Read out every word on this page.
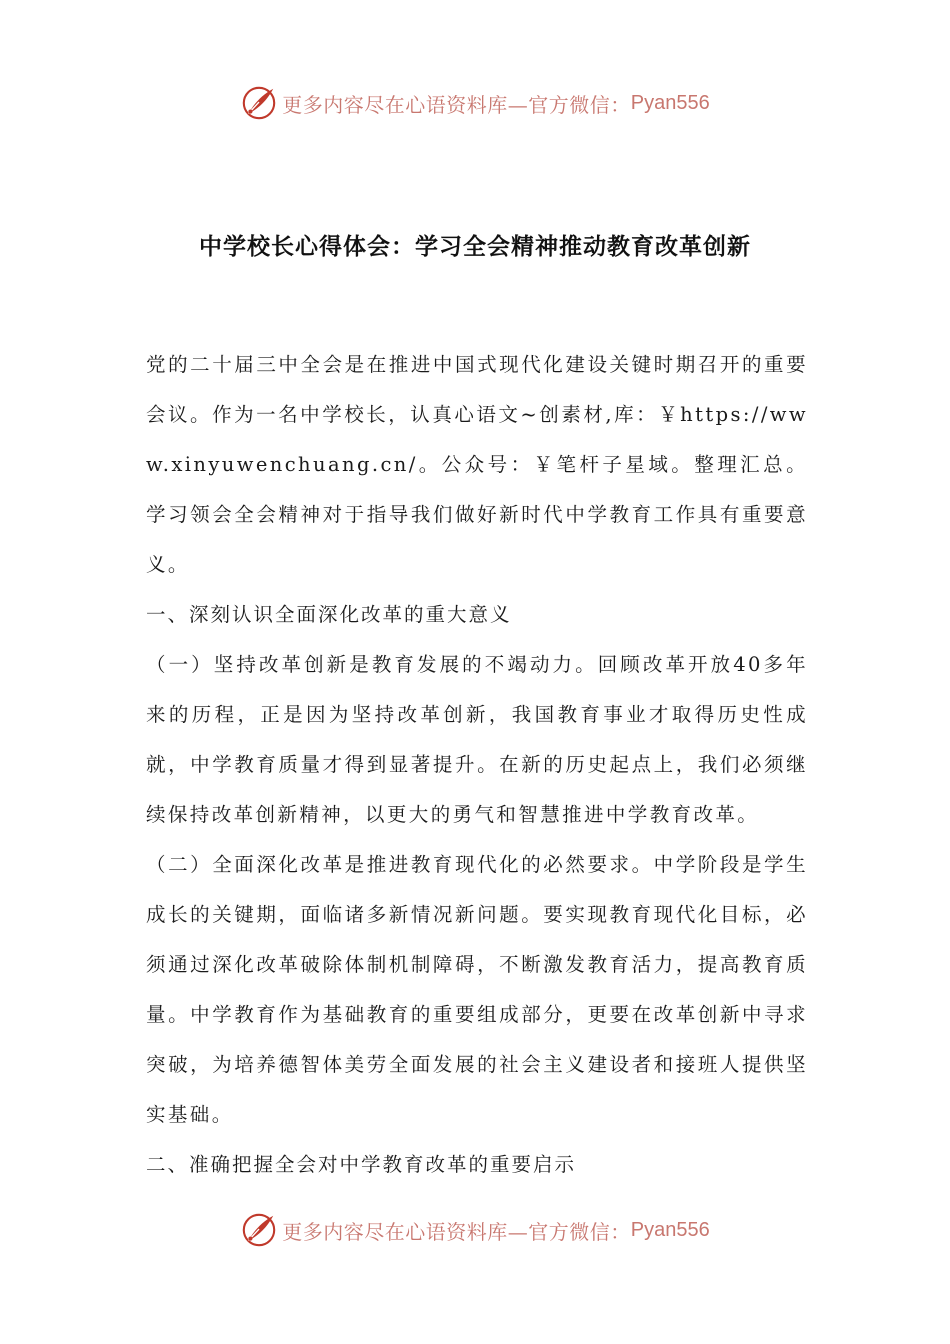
更多内容尽在心语资料库—官方微信： Pyan556
中学校长心得体会：学习全会精神推动教育改革创新

党的二十届三中全会是在推进中国式现代化建设关键时期召开的重要会议。作为一名中学校长，认真心语文~创素材,库：￥https://www.xinyuwenchuang.cn/。公众号：￥笔杆子星域。整理汇总。学习领会全会精神对于指导我们做好新时代中学教育工作具有重要意义。

一、深刻认识全面深化改革的重大意义

（一）坚持改革创新是教育发展的不竭动力。回顾改革开放40多年来的历程，正是因为坚持改革创新，我国教育事业才取得历史性成就，中学教育质量才得到显著提升。在新的历史起点上，我们必须继续保持改革创新精神，以更大的勇气和智慧推进中学教育改革。

（二）全面深化改革是推进教育现代化的必然要求。中学阶段是学生成长的关键期，面临诸多新情况新问题。要实现教育现代化目标，必须通过深化改革破除体制机制障碍，不断激发教育活力，提高教育质量。中学教育作为基础教育的重要组成部分，更要在改革创新中寻求突破，为培养德智体美劳全面发展的社会主义建设者和接班人提供坚实基础。

二、准确把握全会对中学教育改革的重要启示

更多内容尽在心语资料库—官方微信： Pyan556
